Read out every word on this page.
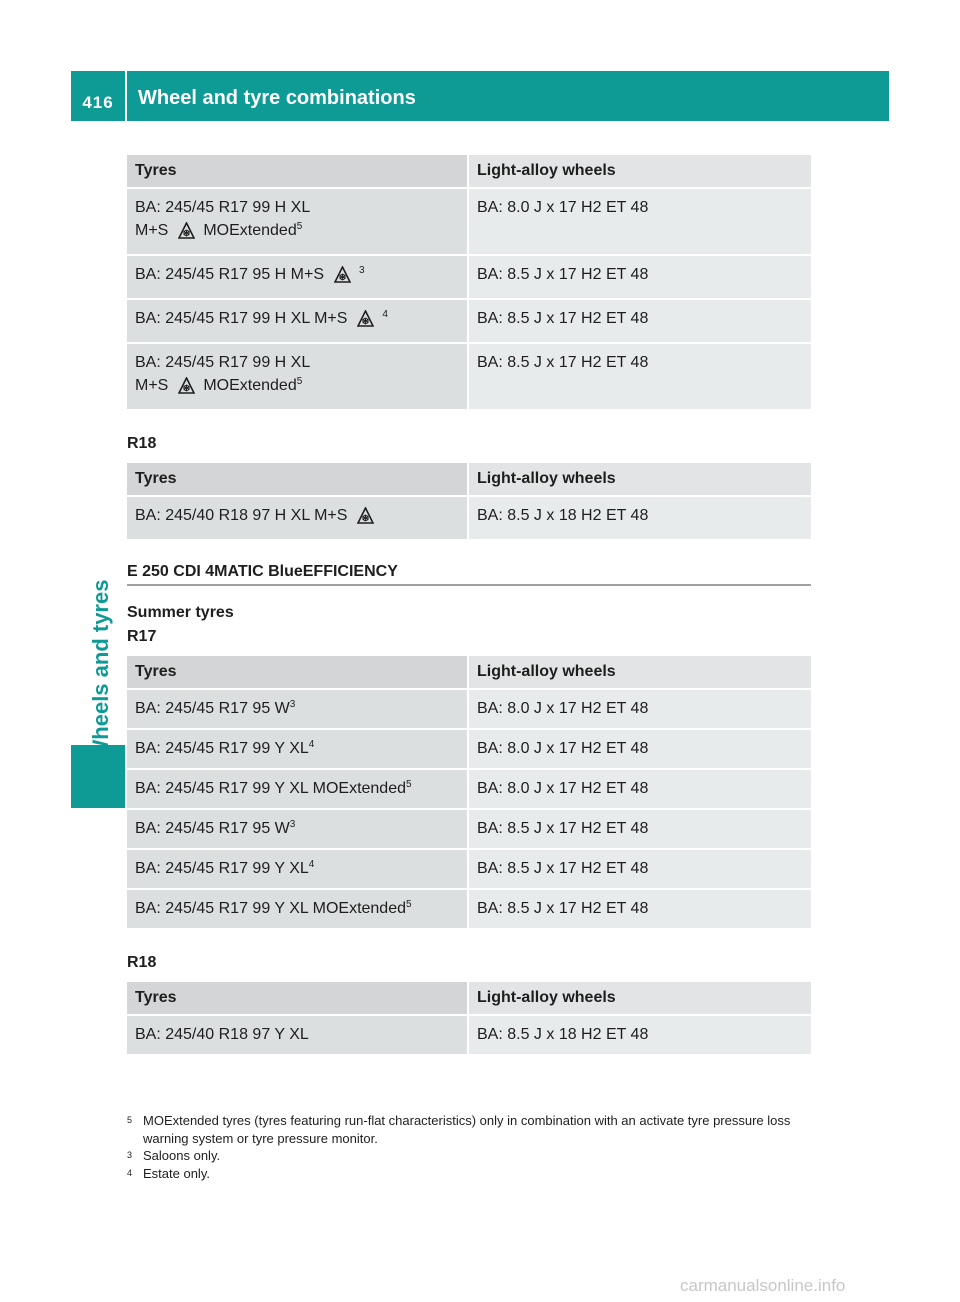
416	Wheel and tyre combinations
Wheels and tyres
Tyres	Light-alloy wheels

BA: 245/45 R17 99 H XL
M+S MOExtended$^5$	BA: 8.0 J x 17 H2 ET 48
BA: 245/45 R17 95 H M+S $^3$	BA: 8.5 J x 17 H2 ET 48
BA: 245/45 R17 99 H XL M+S $^4$	BA: 8.5 J x 17 H2 ET 48

BA: 245/45 R17 99 H XL
M+S MOExtended$^5$	BA: 8.5 J x 17 H2 ET 48
R18
Tyres	Light-alloy wheels
BA: 245/40 R18 97 H XL M+S	BA: 8.5 J x 18 H2 ET 48
E 250 CDI 4MATIC BlueEFFICIENCY
Summer tyres
R17
Tyres	Light-alloy wheels
BA: 245/45 R17 95 $W^3$	BA: 8.0 J x 17 H2 ET 48
BA: 245/45 R17 99 Y $XL^4$	BA: 8.0 J x 17 H2 ET 48
BA: 245/45 R17 99 Y XL MOExtended$^5$	BA: 8.0 J x 17 H2 ET 48
BA: 245/45 R17 95 $W^3$	BA: 8.5 J x 17 H2 ET 48
BA: 245/45 R17 99 Y $XL^4$	BA: 8.5 J x 17 H2 ET 48
BA: 245/45 R17 99 Y XL MOExtended$^5$	BA: 8.5 J x 17 H2 ET 48
R18
Tyres	Light-alloy wheels
BA: 245/40 R18 97 Y XL	BA: 8.5 J x 18 H2 ET 48
5 MOExtended tyres (tyres featuring run-flat characteristics) only in combination with an activate tyre pressure loss warning system or tyre pressure monitor.
3 Saloons only.
4 Estate only.
carmanualsonline.info
